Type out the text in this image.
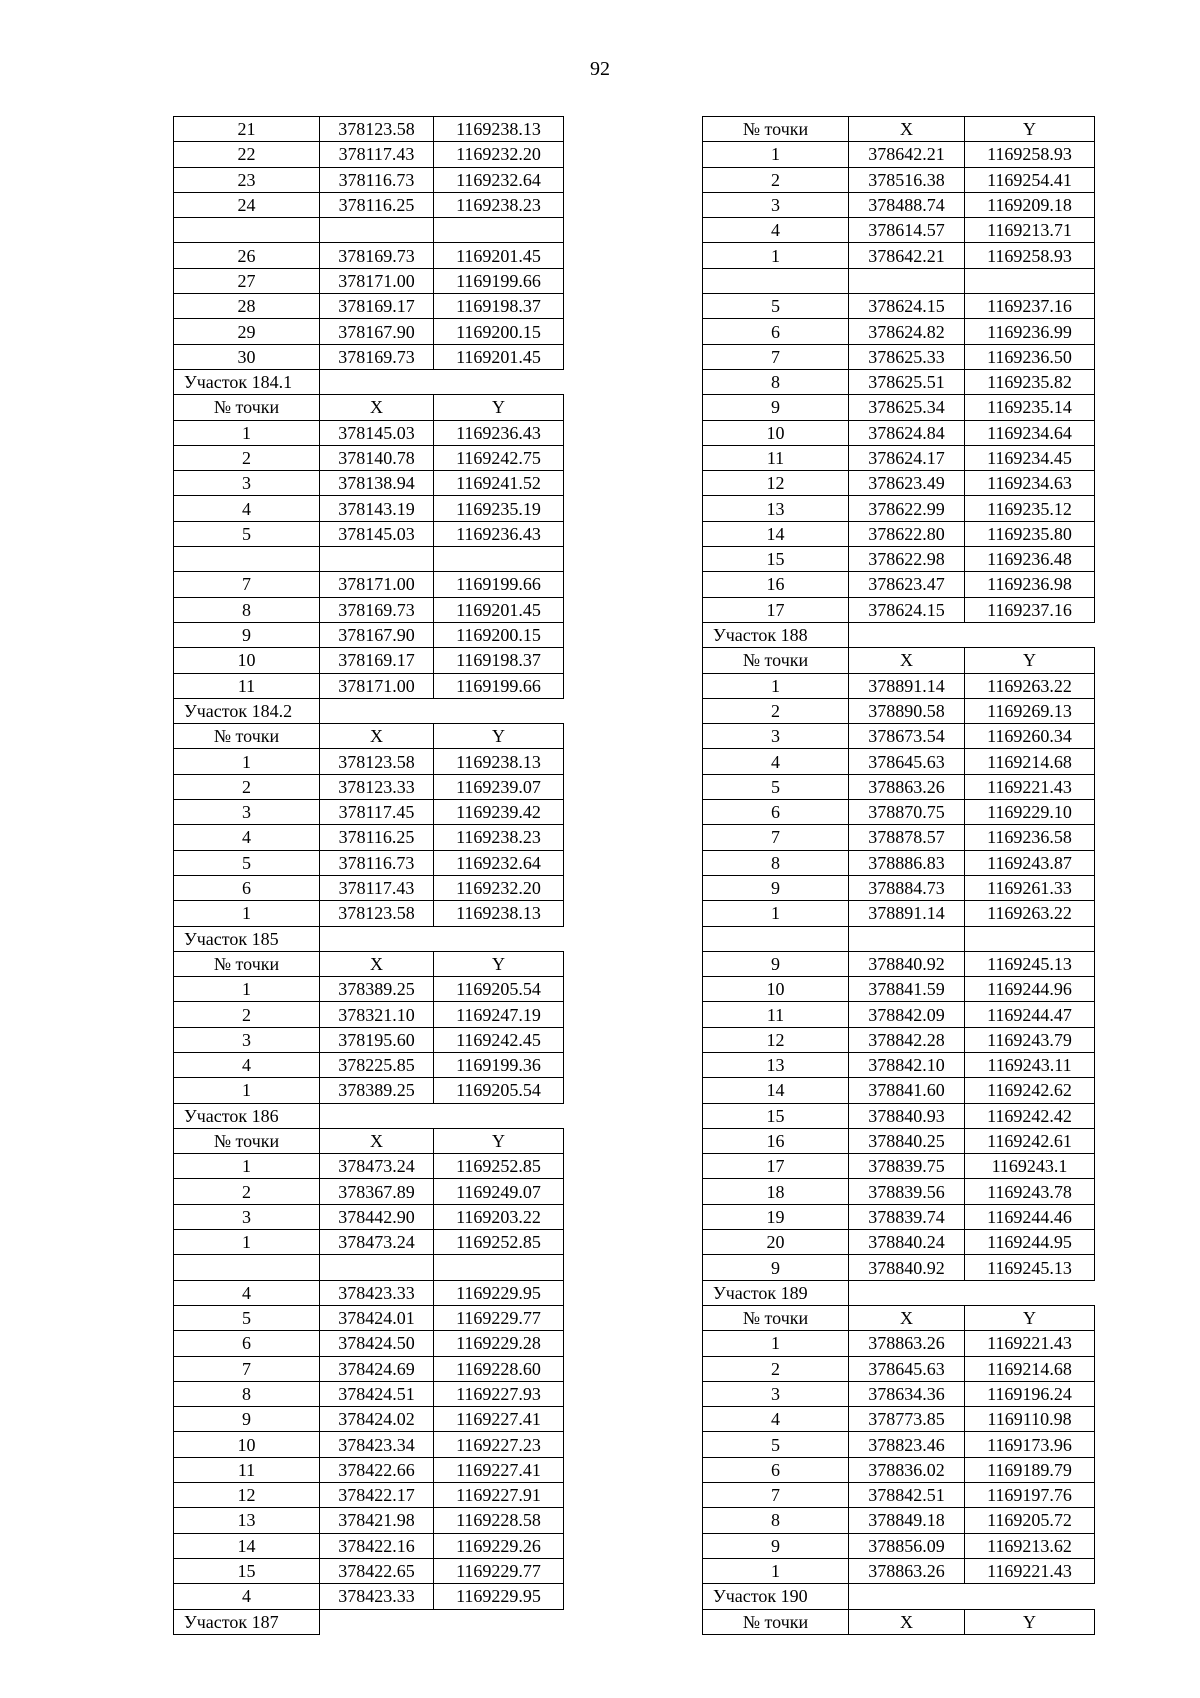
92
21	378123.58	1169238.13
22	378117.43	1169232.20
23	378116.73	1169232.64
24	378116.25	1169238.23

26	378169.73	1169201.45
27	378171.00	1169199.66
28	378169.17	1169198.37
29	378167.90	1169200.15
30	378169.73	1169201.45
Участок 184.1		
№ точки	X	Y
1	378145.03	1169236.43
2	378140.78	1169242.75
3	378138.94	1169241.52
4	378143.19	1169235.19
5	378145.03	1169236.43

7	378171.00	1169199.66
8	378169.73	1169201.45
9	378167.90	1169200.15
10	378169.17	1169198.37
11	378171.00	1169199.66
Участок 184.2		
№ точки	X	Y
1	378123.58	1169238.13
2	378123.33	1169239.07
3	378117.45	1169239.42
4	378116.25	1169238.23
5	378116.73	1169232.64
6	378117.43	1169232.20
1	378123.58	1169238.13
Участок 185		
№ точки	X	Y
1	378389.25	1169205.54
2	378321.10	1169247.19
3	378195.60	1169242.45
4	378225.85	1169199.36
1	378389.25	1169205.54
Участок 186		
№ точки	X	Y
1	378473.24	1169252.85
2	378367.89	1169249.07
3	378442.90	1169203.22
1	378473.24	1169252.85

4	378423.33	1169229.95
5	378424.01	1169229.77
6	378424.50	1169229.28
7	378424.69	1169228.60
8	378424.51	1169227.93
9	378424.02	1169227.41
10	378423.34	1169227.23
11	378422.66	1169227.41
12	378422.17	1169227.91
13	378421.98	1169228.58
14	378422.16	1169229.26
15	378422.65	1169229.77
4	378423.33	1169229.95
Участок 187		
№ точки	X	Y
1	378642.21	1169258.93
2	378516.38	1169254.41
3	378488.74	1169209.18
4	378614.57	1169213.71
1	378642.21	1169258.93

5	378624.15	1169237.16
6	378624.82	1169236.99
7	378625.33	1169236.50
8	378625.51	1169235.82
9	378625.34	1169235.14
10	378624.84	1169234.64
11	378624.17	1169234.45
12	378623.49	1169234.63
13	378622.99	1169235.12
14	378622.80	1169235.80
15	378622.98	1169236.48
16	378623.47	1169236.98
17	378624.15	1169237.16
Участок 188		
№ точки	X	Y
1	378891.14	1169263.22
2	378890.58	1169269.13
3	378673.54	1169260.34
4	378645.63	1169214.68
5	378863.26	1169221.43
6	378870.75	1169229.10
7	378878.57	1169236.58
8	378886.83	1169243.87
9	378884.73	1169261.33
1	378891.14	1169263.22

9	378840.92	1169245.13
10	378841.59	1169244.96
11	378842.09	1169244.47
12	378842.28	1169243.79
13	378842.10	1169243.11
14	378841.60	1169242.62
15	378840.93	1169242.42
16	378840.25	1169242.61
17	378839.75	1169243.1
18	378839.56	1169243.78
19	378839.74	1169244.46
20	378840.24	1169244.95
9	378840.92	1169245.13
Участок 189		
№ точки	X	Y
1	378863.26	1169221.43
2	378645.63	1169214.68
3	378634.36	1169196.24
4	378773.85	1169110.98
5	378823.46	1169173.96
6	378836.02	1169189.79
7	378842.51	1169197.76
8	378849.18	1169205.72
9	378856.09	1169213.62
1	378863.26	1169221.43
Участок 190		
№ точки	X	Y
